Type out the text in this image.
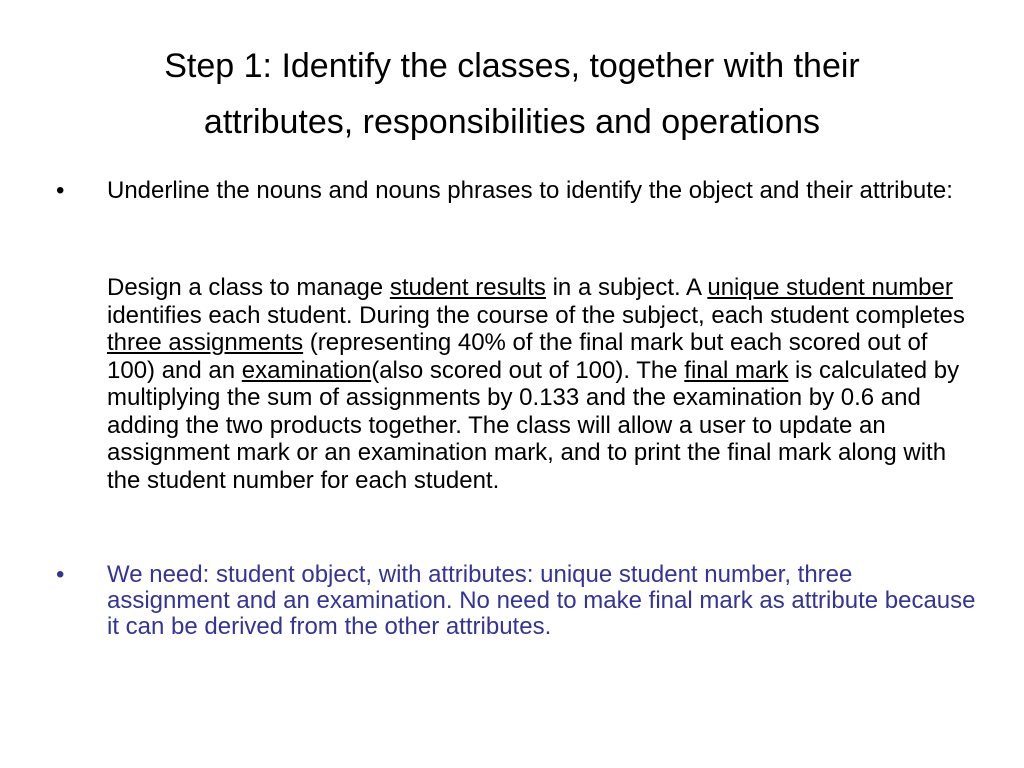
Step 1: Identify the classes, together with their
attributes, responsibilities and operations
• Underline the nouns and nouns phrases to identify the object and their attribute:

Design a class to manage student results in a subject. A unique student number identifies each student. During the course of the subject, each student completes three assignments (representing 40% of the final mark but each scored out of 100) and an examination(also scored out of 100). The final mark is calculated by multiplying the sum of assignments by 0.133 and the examination by 0.6 and adding the two products together. The class will allow a user to update an assignment mark or an examination mark, and to print the final mark along with the student number for each student.

• We need: student object, with attributes: unique student number, three assignment and an examination. No need to make final mark as attribute because it can be derived from the other attributes.
